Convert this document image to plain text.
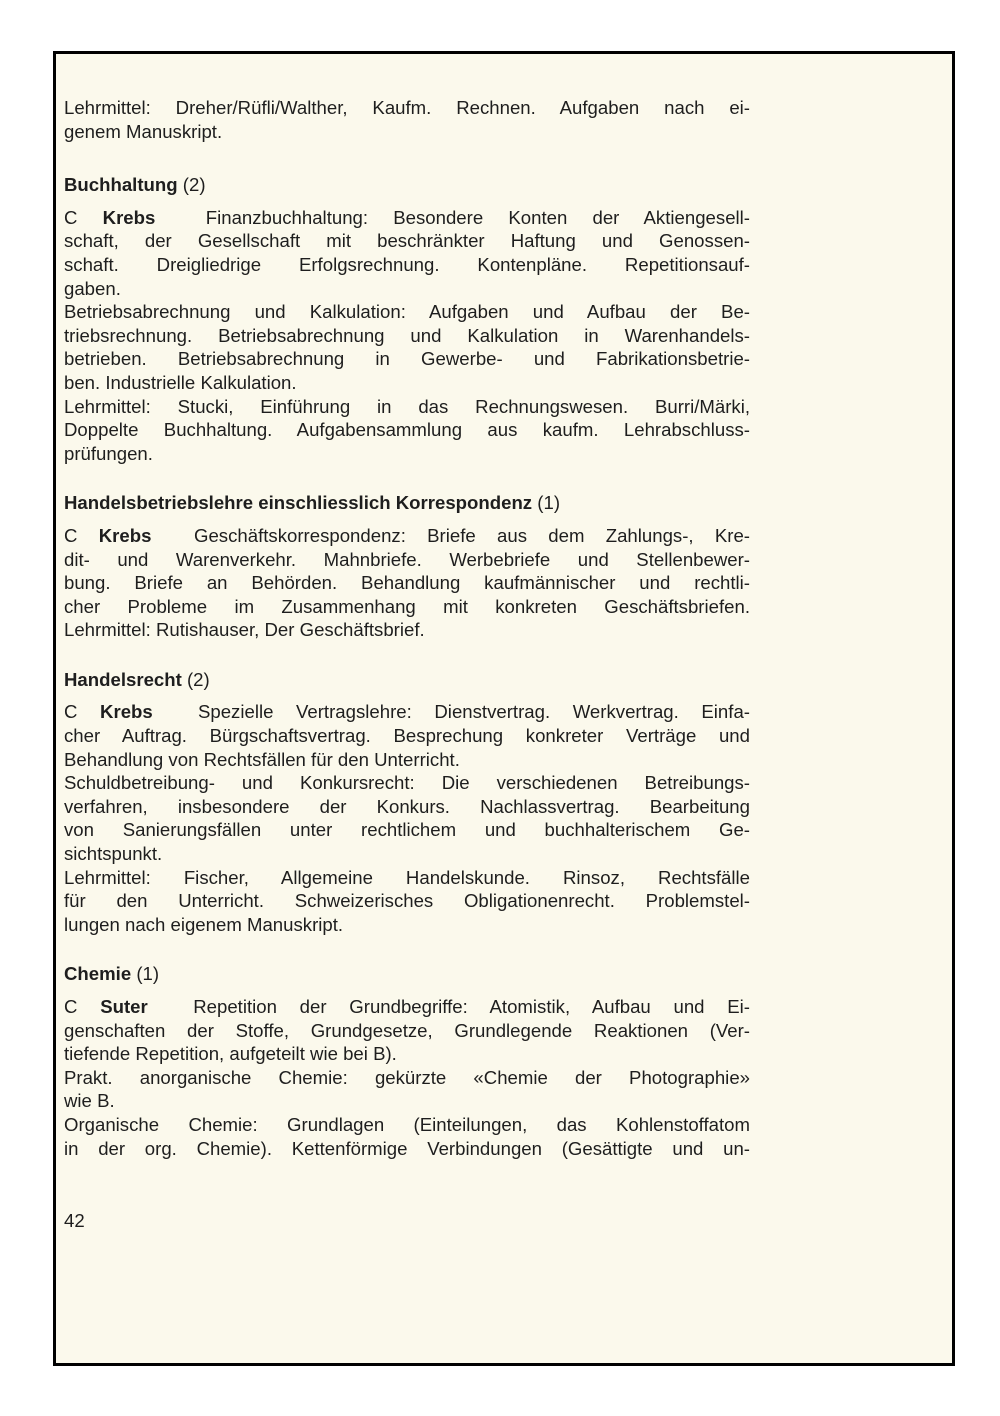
Lehrmittel: Dreher/Rüfli/Walther, Kaufm. Rechnen. Aufgaben nach ei-
genem Manuskript.
Buchhaltung (2)
C Krebs	Finanzbuchhaltung: Besondere Konten der Aktiengesell-
schaft, der Gesellschaft mit beschränkter Haftung und Genossen-
schaft. Dreigliedrige Erfolgsrechnung. Kontenpläne. Repetitionsauf-
gaben.
Betriebsabrechnung und Kalkulation: Aufgaben und Aufbau der Be-
triebsrechnung. Betriebsabrechnung und Kalkulation in Warenhandels-
betrieben. Betriebsabrechnung in Gewerbe- und Fabrikationsbetrie-
ben. Industrielle Kalkulation.
Lehrmittel: Stucki, Einführung in das Rechnungswesen. Burri/Märki,
Doppelte Buchhaltung. Aufgabensammlung aus kaufm. Lehrabschluss-
prüfungen.
Handelsbetriebslehre einschliesslich Korrespondenz (1)
C Krebs Geschäftskorrespondenz: Briefe aus dem Zahlungs-, Kre-
dit- und Warenverkehr. Mahnbriefe. Werbebriefe und Stellenbewer-
bung. Briefe an Behörden. Behandlung kaufmännischer und rechtli-
cher Probleme im Zusammenhang mit konkreten Geschäftsbriefen.
Lehrmittel: Rutishauser, Der Geschäftsbrief.
Handelsrecht (2)
C Krebs Spezielle Vertragslehre: Dienstvertrag. Werkvertrag. Einfa-
cher Auftrag. Bürgschaftsvertrag. Besprechung konkreter Verträge und
Behandlung von Rechtsfällen für den Unterricht.
Schuldbetreibung- und Konkursrecht: Die verschiedenen Betreibungs-
verfahren, insbesondere der Konkurs. Nachlassvertrag. Bearbeitung
von Sanierungsfällen unter rechtlichem und buchhalterischem Ge-
sichtspunkt.
Lehrmittel: Fischer, Allgemeine Handelskunde. Rinsoz, Rechtsfälle
für den Unterricht. Schweizerisches Obligationenrecht. Problemstel-
lungen nach eigenem Manuskript.
Chemie (1)
C Suter Repetition der Grundbegriffe: Atomistik, Aufbau und Ei-
genschaften der Stoffe, Grundgesetze, Grundlegende Reaktionen (Ver-
tiefende Repetition, aufgeteilt wie bei B).
Prakt. anorganische Chemie: gekürzte «Chemie der Photographie»
wie B.
Organische Chemie: Grundlagen (Einteilungen, das Kohlenstoffatom
in der org. Chemie). Kettenförmige Verbindungen (Gesättigte und un-
42
